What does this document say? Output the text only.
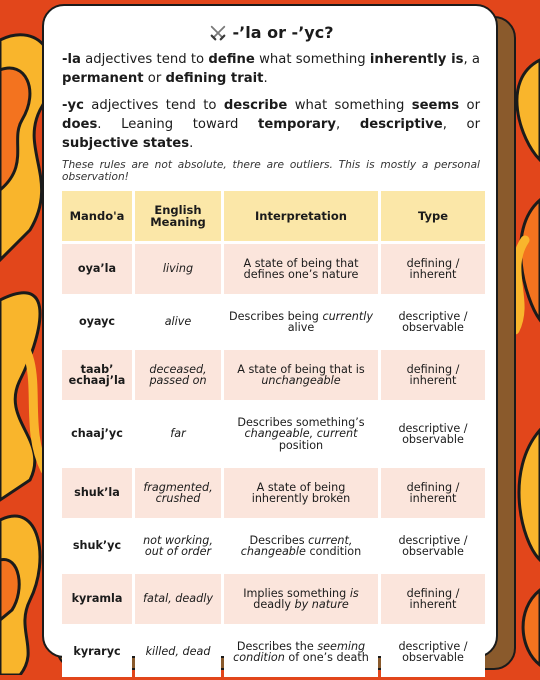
-’la or -’yc?

-la adjectives tend to define what something inherently is, a permanent or defining trait.

-yc adjectives tend to describe what something seems or does. Leaning toward temporary, descriptive, or subjective states.

These rules are not absolute, there are outliers. This is mostly a personal observation!

Mando'a	English Meaning	Interpretation	Type
oya’la	living	A state of being that defines one’s nature	defining / inherent
oyayc	alive	Describes being currently alive	descriptive / observable
taab’ echaaj’la	deceased, passed on	A state of being that is unchangeable	defining / inherent
chaaj’yc	far	Describes something’s changeable, current position	descriptive / observable
shuk’la	fragmented, crushed	A state of being inherently broken	defining / inherent
shuk’yc	not working, out of order	Describes current, changeable condition	descriptive / observable
kyramla	fatal, deadly	Implies something is deadly by nature	defining / inherent
kyraryc	killed, dead	Describes the seeming condition of one’s death	descriptive / observable
